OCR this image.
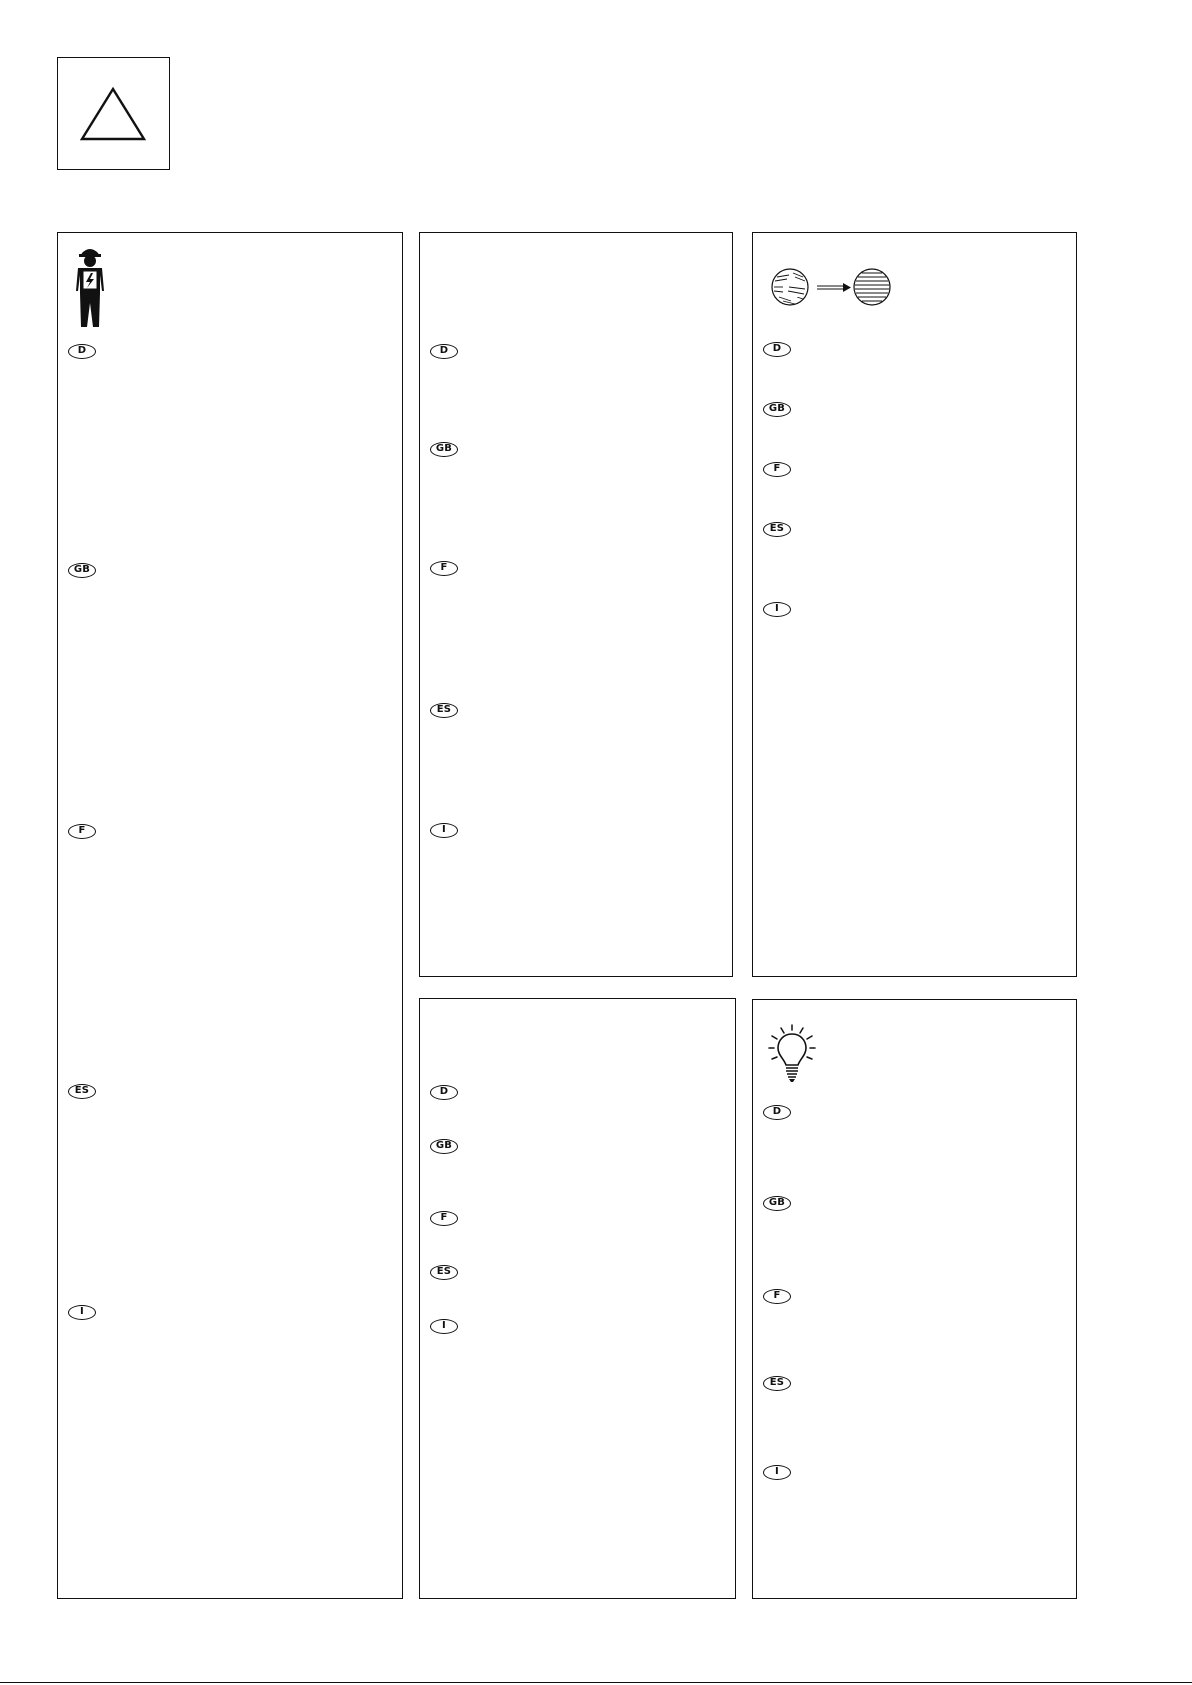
D
GB
F
ES
I
D
GB
F
ES
I
D
GB
F
ES
I
D
GB
F
ES
I
D
GB
F
ES
I
